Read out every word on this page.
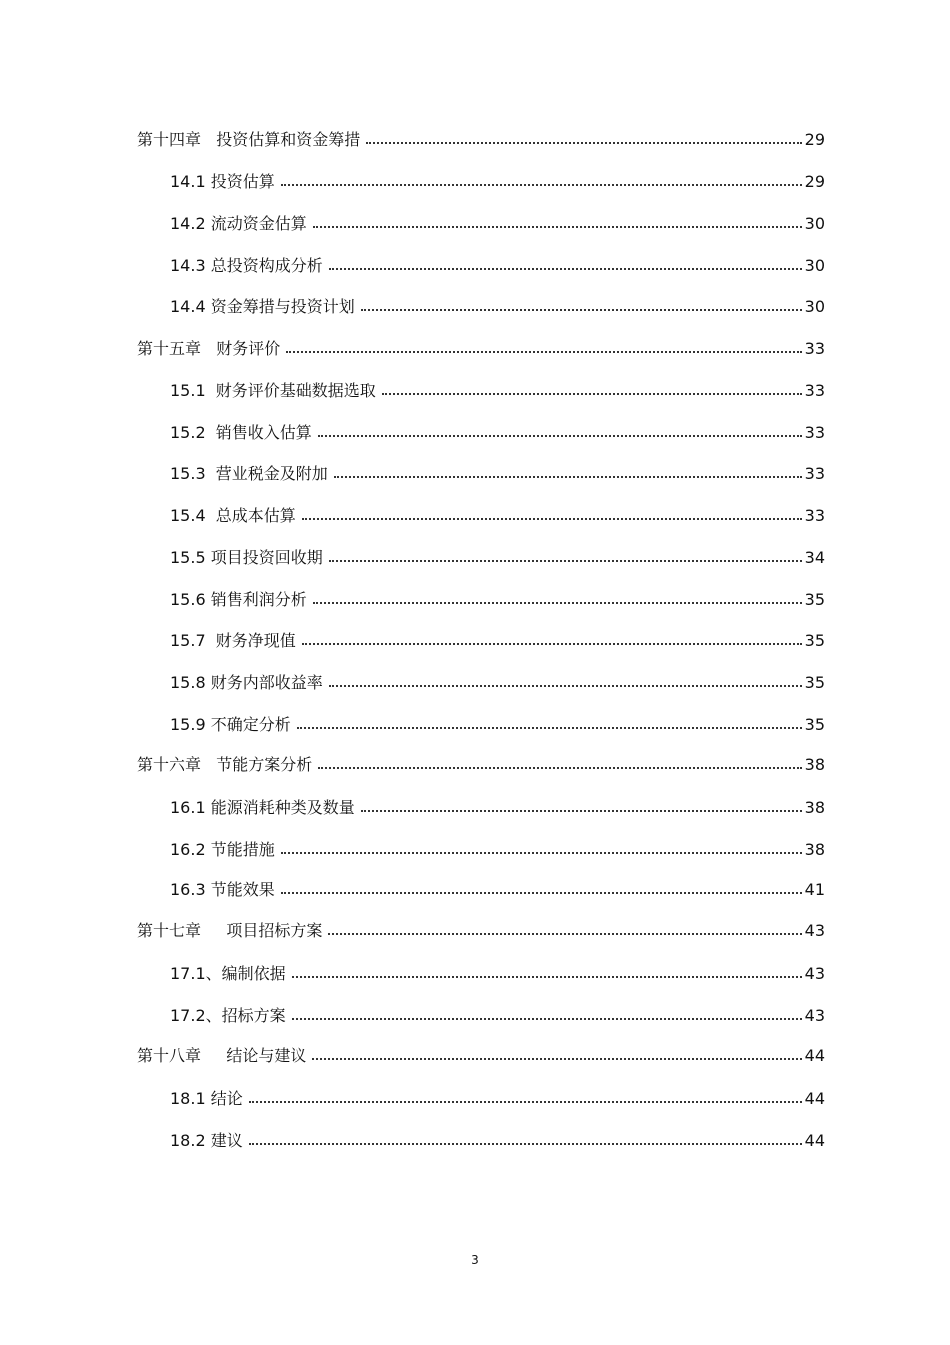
第十四章   投资估算和资金筹措	29
14.1 投资估算	29
14.2 流动资金估算	30
14.3 总投资构成分析	30
14.4 资金筹措与投资计划	30
第十五章   财务评价	33
15.1  财务评价基础数据选取	33
15.2  销售收入估算	33
15.3  营业税金及附加	33
15.4  总成本估算	33
15.5 项目投资回收期	34
15.6 销售利润分析	35
15.7  财务净现值	35
15.8 财务内部收益率	35
15.9 不确定分析	35
第十六章   节能方案分析	38
16.1 能源消耗种类及数量	38
16.2 节能措施	38
16.3 节能效果	41
第十七章     项目招标方案	43
17.1、编制依据	43
17.2、招标方案	43
第十八章     结论与建议	44
18.1 结论	44
18.2 建议	44
3
